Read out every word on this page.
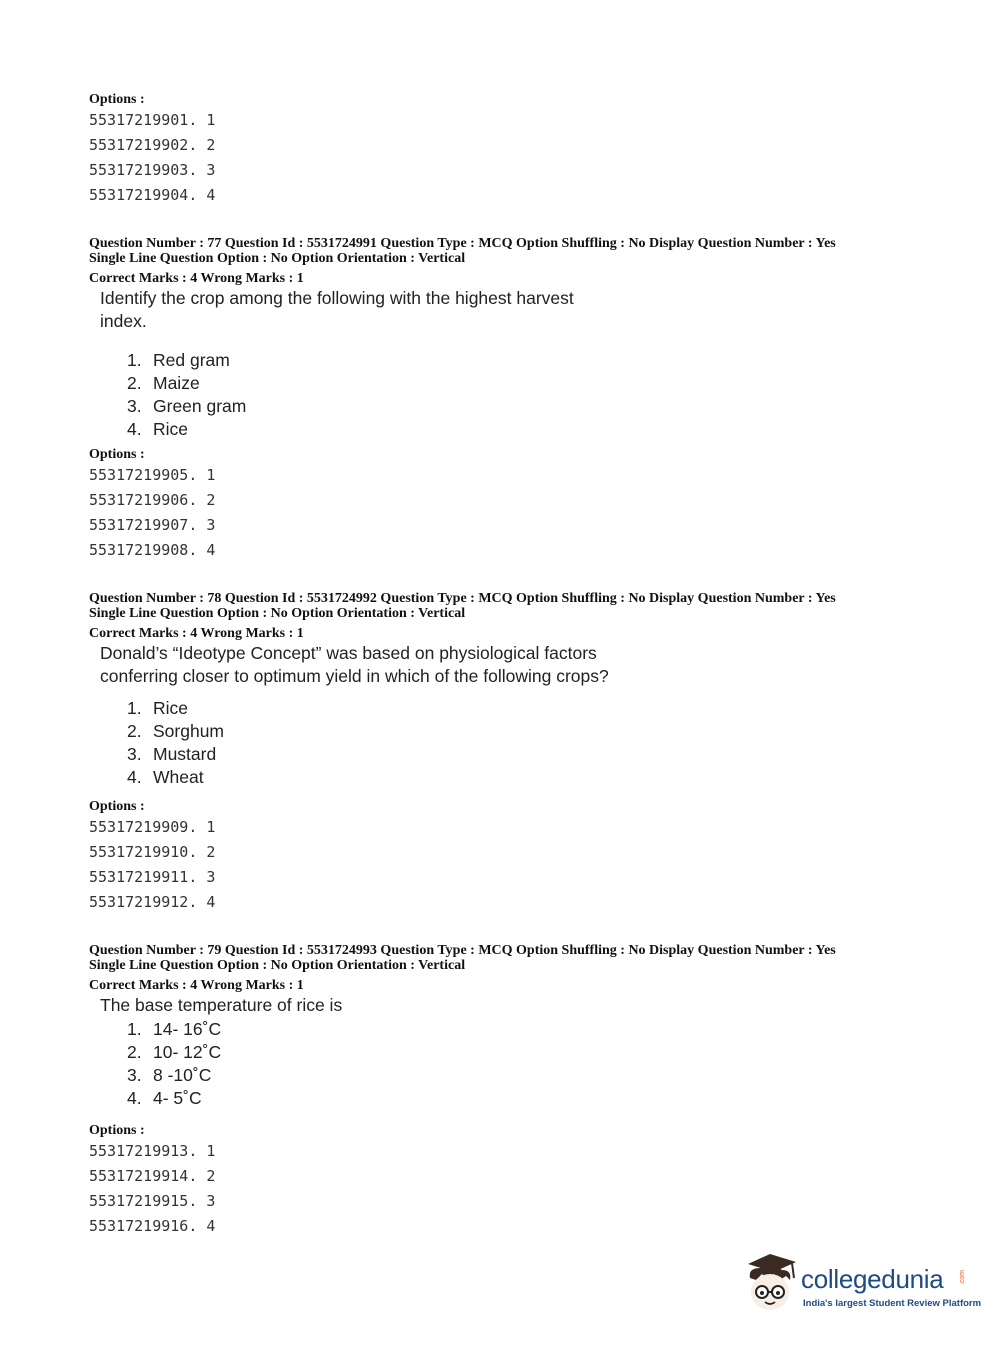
Options :
55317219901. 1
55317219902. 2
55317219903. 3
55317219904. 4
Question Number : 77 Question Id : 5531724991 Question Type : MCQ Option Shuffling : No Display Question Number : Yes
Single Line Question Option : No Option Orientation : Vertical
Correct Marks : 4 Wrong Marks : 1
Identify the crop among the following with the highest harvest
index.
1. Red gram
2. Maize
3. Green gram
4. Rice
Options :
55317219905. 1
55317219906. 2
55317219907. 3
55317219908. 4
Question Number : 78 Question Id : 5531724992 Question Type : MCQ Option Shuffling : No Display Question Number : Yes
Single Line Question Option : No Option Orientation : Vertical
Correct Marks : 4 Wrong Marks : 1
Donald’s “Ideotype Concept” was based on physiological factors
conferring closer to optimum yield in which of the following crops?
1. Rice
2. Sorghum
3. Mustard
4. Wheat
Options :
55317219909. 1
55317219910. 2
55317219911. 3
55317219912. 4
Question Number : 79 Question Id : 5531724993 Question Type : MCQ Option Shuffling : No Display Question Number : Yes
Single Line Question Option : No Option Orientation : Vertical
Correct Marks : 4 Wrong Marks : 1
The base temperature of rice is
1. 14- 16˚C
2. 10- 12˚C
3. 8 -10˚C
4. 4- 5˚C
Options :
55317219913. 1
55317219914. 2
55317219915. 3
55317219916. 4
collegedunia .com
India's largest Student Review Platform
